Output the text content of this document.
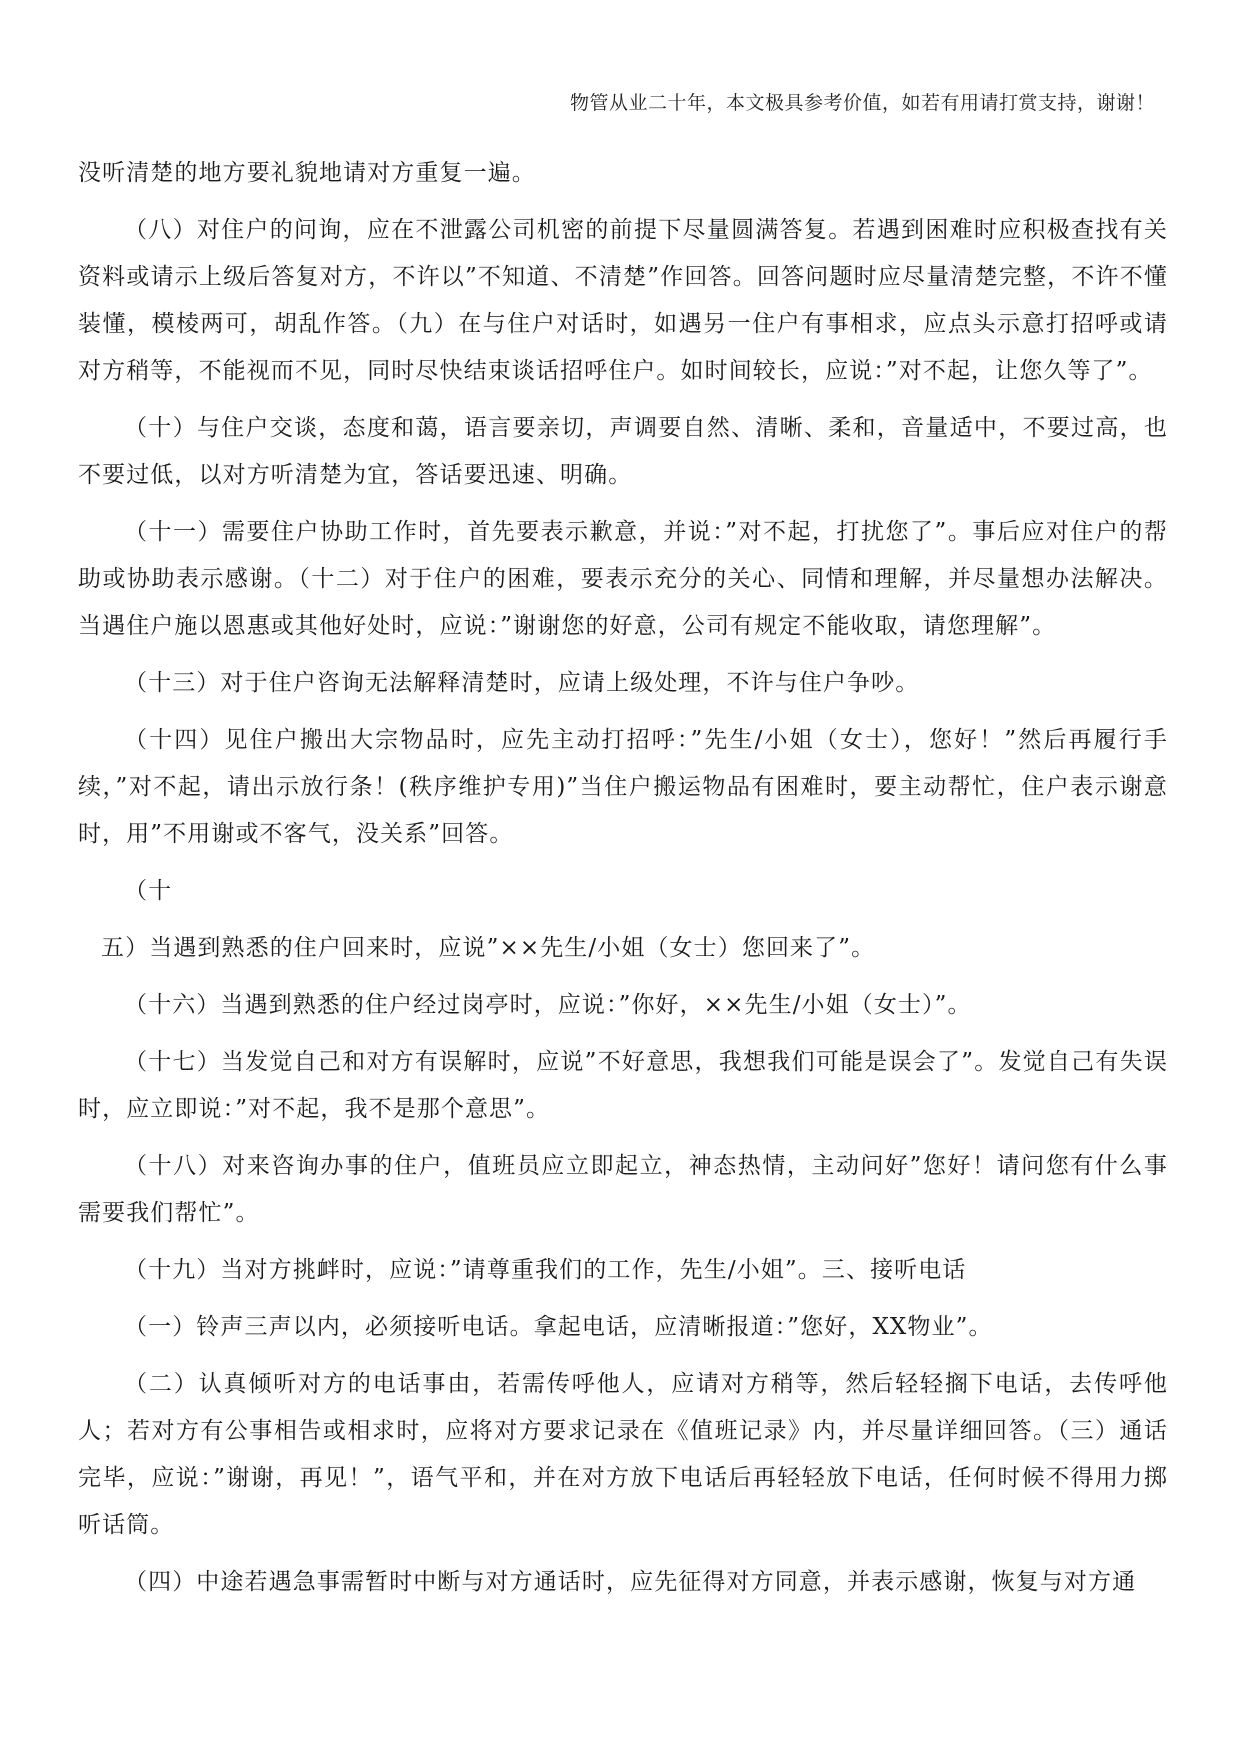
物管从业二十年，本文极具参考价值，如若有用请打赏支持，谢谢！

没听清楚的地方要礼貌地请对方重复一遍。

（八）对住户的问询，应在不泄露公司机密的前提下尽量圆满答复。若遇到困难时应积极查找有关资料或请示上级后答复对方，不许以”不知道、不清楚”作回答。回答问题时应尽量清楚完整，不许不懂装懂，模棱两可，胡乱作答。（九）在与住户对话时，如遇另一住户有事相求，应点头示意打招呼或请对方稍等，不能视而不见，同时尽快结束谈话招呼住户。如时间较长，应说：”对不起，让您久等了”。

（十）与住户交谈，态度和蔼，语言要亲切，声调要自然、清晰、柔和，音量适中，不要过高，也不要过低，以对方听清楚为宜，答话要迅速、明确。

（十一）需要住户协助工作时，首先要表示歉意，并说：”对不起，打扰您了”。事后应对住户的帮助或协助表示感谢。（十二）对于住户的困难，要表示充分的关心、同情和理解，并尽量想办法解决。当遇住户施以恩惠或其他好处时，应说：”谢谢您的好意，公司有规定不能收取，请您理解”。

（十三）对于住户咨询无法解释清楚时，应请上级处理，不许与住户争吵。

（十四）见住户搬出大宗物品时，应先主动打招呼：”先生/小姐（女士），您好！”然后再履行手续，”对不起，请出示放行条！(秩序维护专用)”当住户搬运物品有困难时，要主动帮忙，住户表示谢意时，用”不用谢或不客气，没关系”回答。

（十

五）当遇到熟悉的住户回来时，应说”××先生/小姐（女士）您回来了”。

（十六）当遇到熟悉的住户经过岗亭时，应说：”你好，××先生/小姐（女士）”。

（十七）当发觉自己和对方有误解时，应说”不好意思，我想我们可能是误会了”。发觉自己有失误时，应立即说：”对不起，我不是那个意思”。

（十八）对来咨询办事的住户，值班员应立即起立，神态热情，主动问好”您好！请问您有什么事需要我们帮忙”。

（十九）当对方挑衅时，应说：”请尊重我们的工作，先生/小姐”。三、接听电话

（一）铃声三声以内，必须接听电话。拿起电话，应清晰报道：”您好，XX物业”。

（二）认真倾听对方的电话事由，若需传呼他人，应请对方稍等，然后轻轻搁下电话，去传呼他人；若对方有公事相告或相求时，应将对方要求记录在《值班记录》内，并尽量详细回答。（三）通话完毕，应说：”谢谢，再见！”，语气平和，并在对方放下电话后再轻轻放下电话，任何时候不得用力掷听话筒。

（四）中途若遇急事需暂时中断与对方通话时，应先征得对方同意，并表示感谢，恢复与对方通
